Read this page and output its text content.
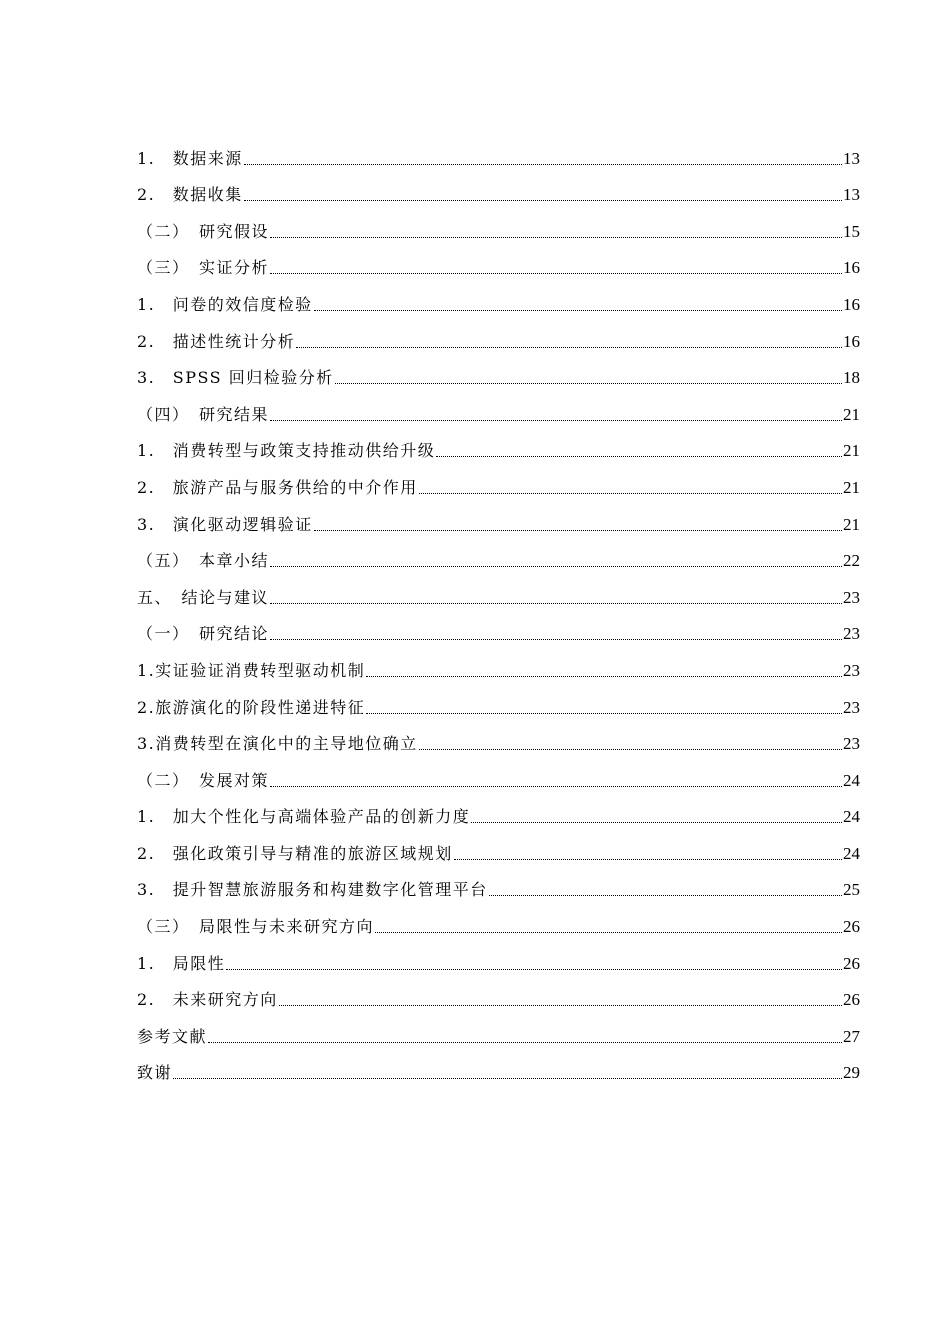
1.　数据来源	13
2.　数据收集	13
（二）　研究假设	15
（三）　实证分析	16
1.　问卷的效信度检验	16
2.　描述性统计分析	16
3.　SPSS 回归检验分析	18
（四）　研究结果	21
1.　消费转型与政策支持推动供给升级	21
2.　旅游产品与服务供给的中介作用	21
3.　演化驱动逻辑验证	21
（五）　本章小结	22
五、　结论与建议	23
（一）　研究结论	23
1.实证验证消费转型驱动机制	23
2.旅游演化的阶段性递进特征	23
3.消费转型在演化中的主导地位确立	23
（二）　发展对策	24
1.　加大个性化与高端体验产品的创新力度	24
2.　强化政策引导与精准的旅游区域规划	24
3.　提升智慧旅游服务和构建数字化管理平台	25
（三）　局限性与未来研究方向	26
1.　局限性	26
2.　未来研究方向	26
参考文献	27
致谢	29
